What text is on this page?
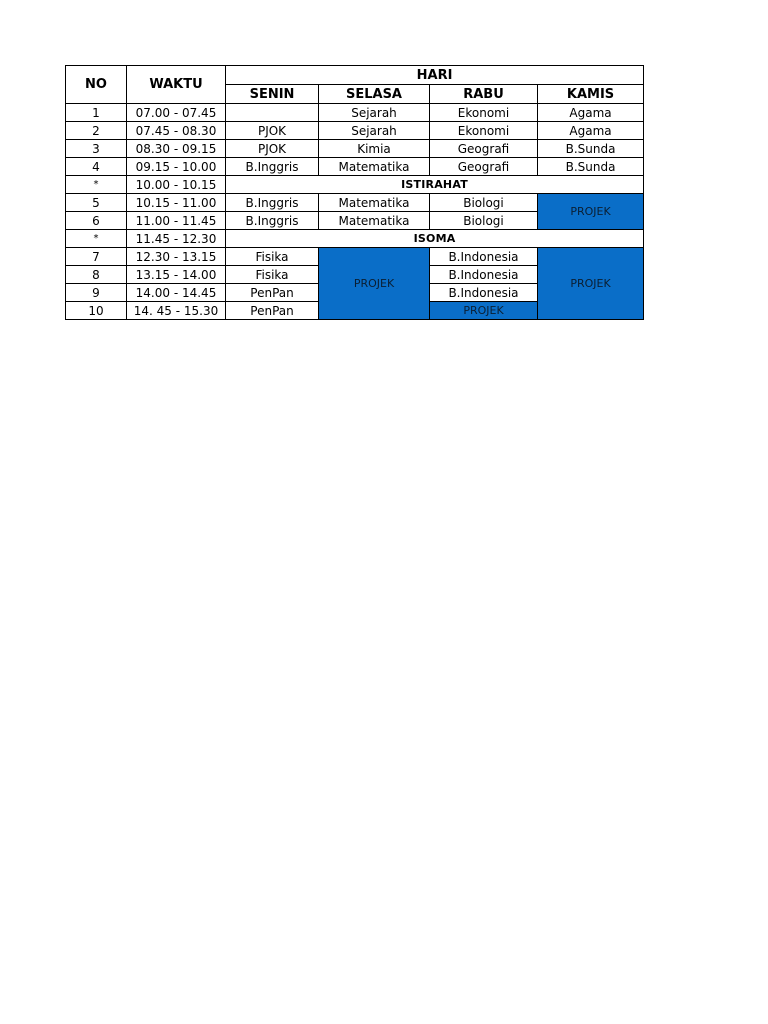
NO	WAKTU	HARI			
		SENIN	SELASA	RABU	KAMIS
1	07.00 - 07.45		Sejarah	Ekonomi	Agama
2	07.45 - 08.30	PJOK	Sejarah	Ekonomi	Agama
3	08.30 - 09.15	PJOK	Kimia	Geografi	B.Sunda
4	09.15 - 10.00	B.Inggris	Matematika	Geografi	B.Sunda
*	10.00 - 10.15	ISTIRAHAT			
5	10.15 - 11.00	B.Inggris	Matematika	Biologi	PROJEK
6	11.00 - 11.45	B.Inggris	Matematika	Biologi	
*	11.45 - 12.30	ISOMA			
7	12.30 - 13.15	Fisika	PROJEK	B.Indonesia	PROJEK
8	13.15 - 14.00	Fisika		B.Indonesia	
9	14.00 - 14.45	PenPan		B.Indonesia	
10	14. 45 - 15.30	PenPan		PROJEK	
